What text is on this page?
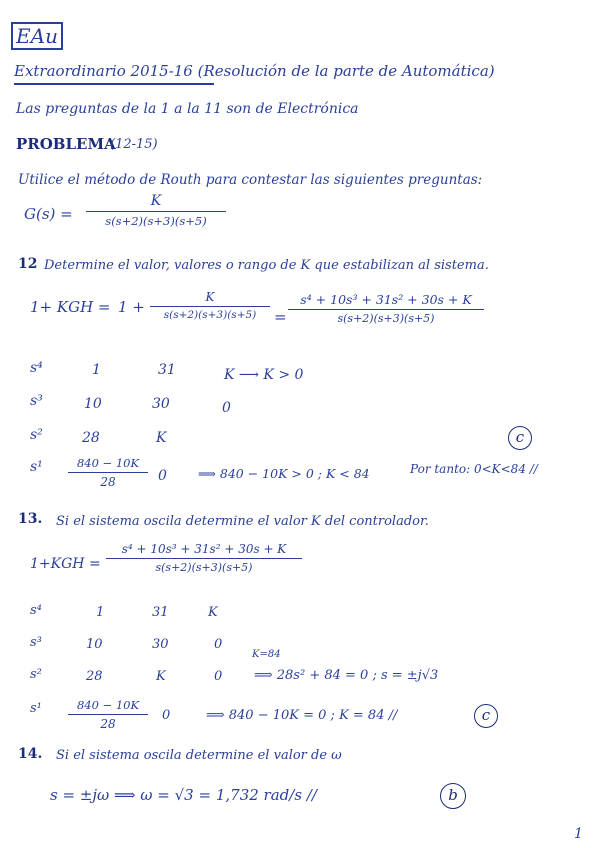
EAu
Extraordinario 2015-16 (Resolución de la parte de Automática)
Las preguntas de la 1 a la 11 son de Electrónica
PROBLEMA
(12-15)
Utilice el método de Routh para contestar las siguientes preguntas:
G(s) =
K
s(s+2)(s+3)(s+5)
12 Determine el valor, valores o rango de K que estabilizan al sistema.
1+ KGH = 1 +
K
s(s+2)(s+3)(s+5)	=
s⁴ + 10s³ + 31s² + 30s + K
s(s+2)(s+3)(s+5)
s⁴	1	31	K ⟶ K > 0
s³	10	30	0
s²	28	K	c
s¹	840 − 10K
28	0 ⟹ 840 − 10K > 0 ; K < 84	Por tanto: 0<K<84 //
13. Si el sistema oscila determine el valor K del controlador.
1+KGH =
s⁴ + 10s³ + 31s² + 30s + K
s(s+2)(s+3)(s+5)
s⁴	1	31	K
s³	10	30	0
K=84
s²	28	K	0 ⟹ 28s² + 84 = 0 ; s = ±j√3
s¹	840 − 10K
28
0	⟹ 840 − 10K = 0 ; K = 84 //	c
14. Si el sistema oscila determine el valor de ω
s = ±jω ⟹ ω = √3 = 1,732 rad/s //	b
1
